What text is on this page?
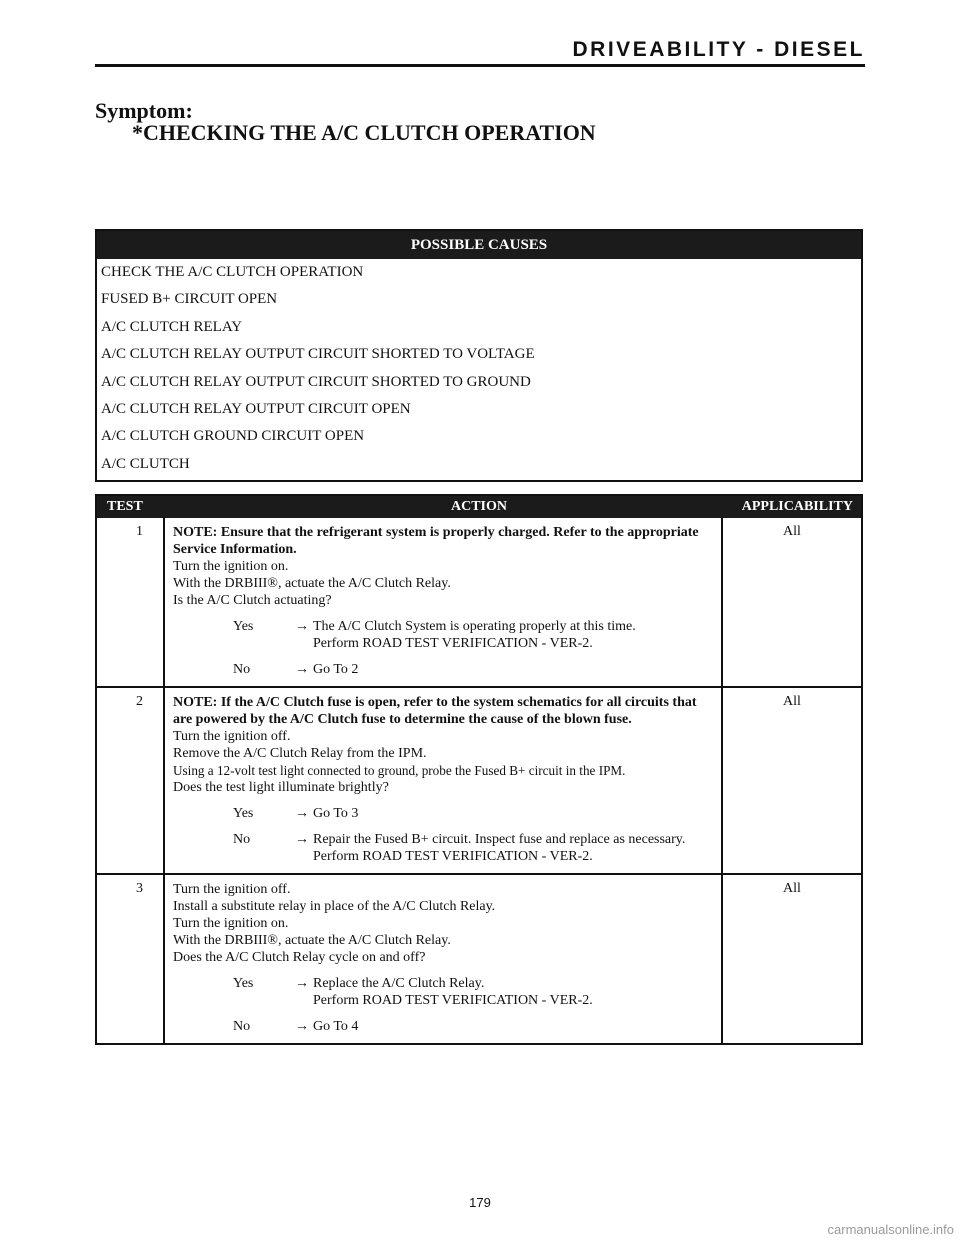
DRIVEABILITY - DIESEL
Symptom:
*CHECKING THE A/C CLUTCH OPERATION
POSSIBLE CAUSES
CHECK THE A/C CLUTCH OPERATION
FUSED B+ CIRCUIT OPEN
A/C CLUTCH RELAY
A/C CLUTCH RELAY OUTPUT CIRCUIT SHORTED TO VOLTAGE
A/C CLUTCH RELAY OUTPUT CIRCUIT SHORTED TO GROUND
A/C CLUTCH RELAY OUTPUT CIRCUIT OPEN
A/C CLUTCH GROUND CIRCUIT OPEN
A/C CLUTCH
ACTION
TEST	APPLICABILITY
1	NOTE: Ensure that the refrigerant system is properly charged. Refer to the appropriate Service Information.
Turn the ignition on.
With the DRBIII®, actuate the A/C Clutch Relay.
Is the A/C Clutch actuating?
Yes	→ The A/C Clutch System is operating properly at this time.
Perform ROAD TEST VERIFICATION - VER-2.
No	→ Go To 2
All
2	NOTE: If the A/C Clutch fuse is open, refer to the system schematics for all circuits that are powered by the A/C Clutch fuse to determine the cause of the blown fuse.
Turn the ignition off.
Remove the A/C Clutch Relay from the IPM.
Using a 12-volt test light connected to ground, probe the Fused B+ circuit in the IPM.
Does the test light illuminate brightly?
Yes	→ Go To 3
No	→ Repair the Fused B+ circuit. Inspect fuse and replace as necessary.
Perform ROAD TEST VERIFICATION - VER-2.
All
3	Turn the ignition off.
Install a substitute relay in place of the A/C Clutch Relay.
Turn the ignition on.
With the DRBIII®, actuate the A/C Clutch Relay.
Does the A/C Clutch Relay cycle on and off?
Yes	→ Replace the A/C Clutch Relay.
Perform ROAD TEST VERIFICATION - VER-2.
No	→ Go To 4
All
179
carmanualsonline.info
